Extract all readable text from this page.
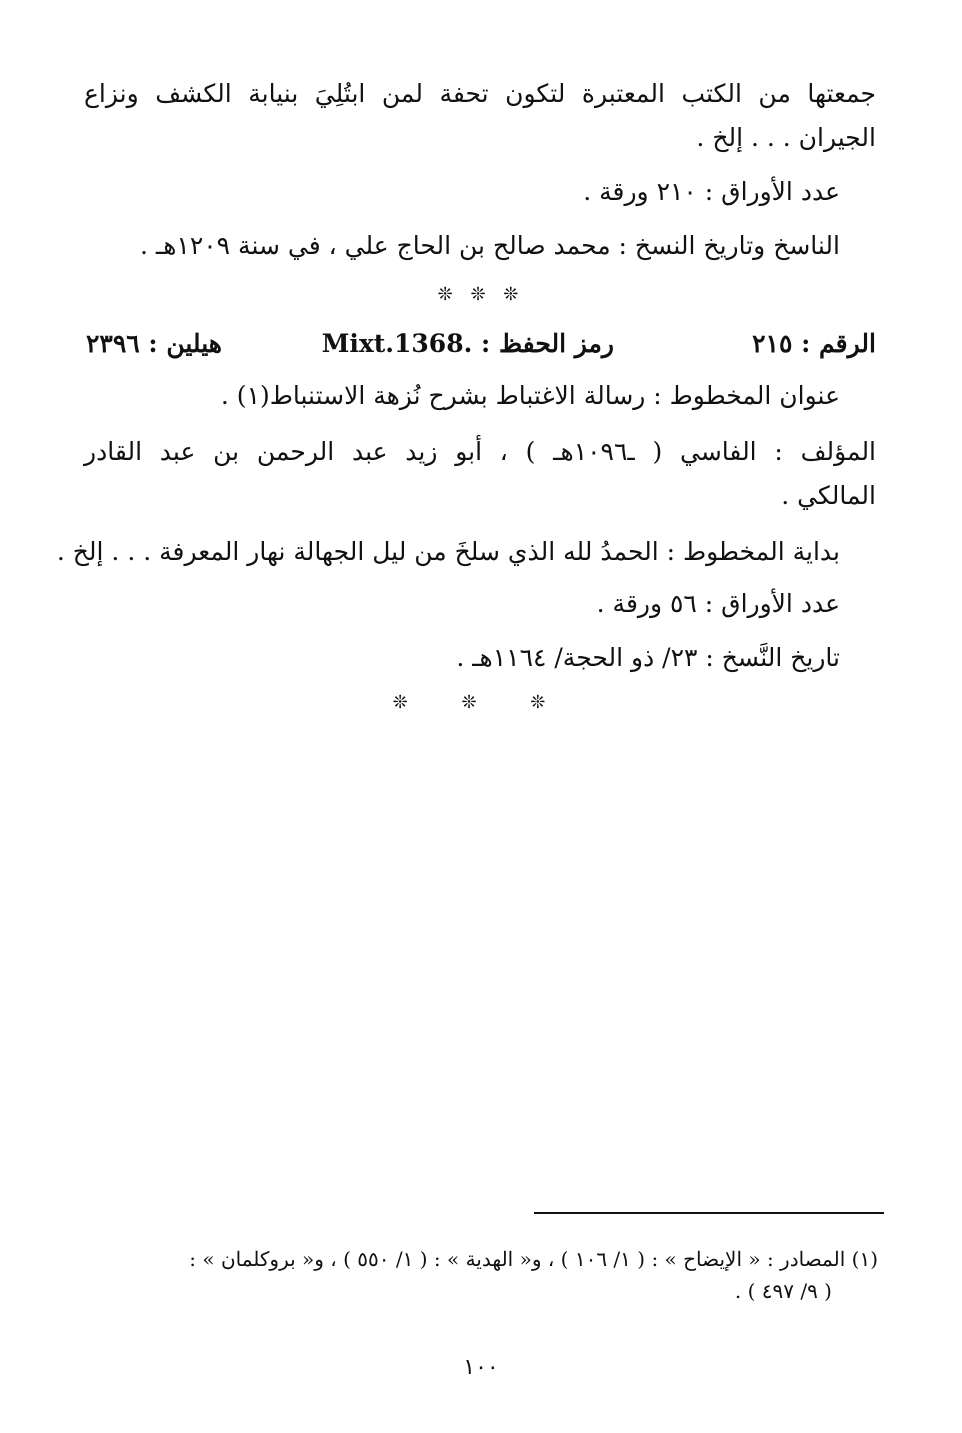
جمعتها من الكتب المعتبرة لتكون تحفة لمن ابتُلِيَ بنيابة الكشف ونزاع
الجيران . . . إلخ .
عدد الأوراق : ٢١٠ ورقة .
الناسخ وتاريخ النسخ : محمد صالح بن الحاج علي ، في سنة ١٢٠٩هـ .
❊ ❊ ❊
الرقم : ٢١٥
رمز الحفظ : .Mixt.1368
هيلين : ٢٣٩٦
عنوان المخطوط : رسالة الاغتباط بشرح نُزهة الاستنباط(١) .
المؤلف : الفاسي ( ـ١٠٩٦هـ ) ، أبو زيد عبد الرحمن بن عبد القادر
المالكي .
بداية المخطوط : الحمدُ لله الذي سلخَ من ليل الجهالة نهار المعرفة . . . إلخ .
عدد الأوراق : ٥٦ ورقة .
تاريخ النَّسخ : ٢٣/ ذو الحجة/ ١١٦٤هـ .
❊ ❊ ❊
(١) المصادر : « الإيضاح » : ( ١/ ١٠٦ ) ، و« الهدية » : ( ١/ ٥٥٠ ) ، و« بروكلمان » :
( ٩/ ٤٩٧ ) .
١٠٠
